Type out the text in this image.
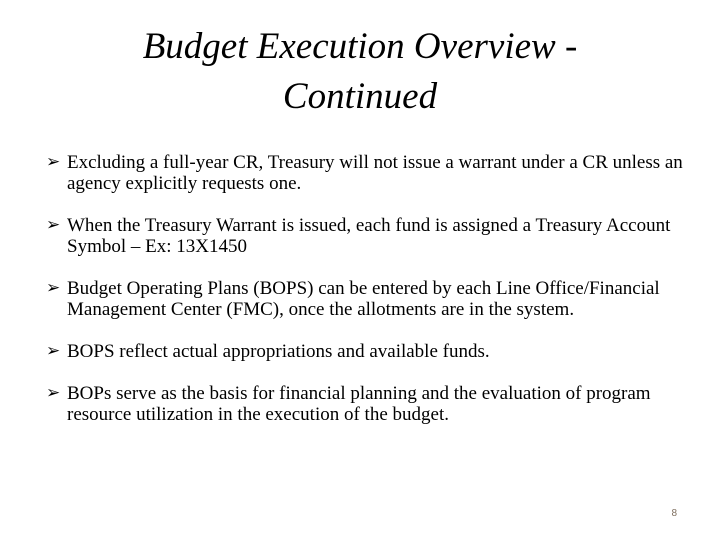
Budget Execution Overview -
Continued
➢ Excluding a full-year CR, Treasury will not issue a warrant under a CR unless an agency explicitly requests one.
➢ When the Treasury Warrant is issued, each fund is assigned a Treasury Account Symbol – Ex: 13X1450
➢ Budget Operating Plans (BOPS) can be entered by each Line Office/Financial Management Center (FMC), once the allotments are in the system.
➢ BOPS reflect actual appropriations and available funds.
➢ BOPs serve as the basis for financial planning and the evaluation of program resource utilization in the execution of the budget.
8
